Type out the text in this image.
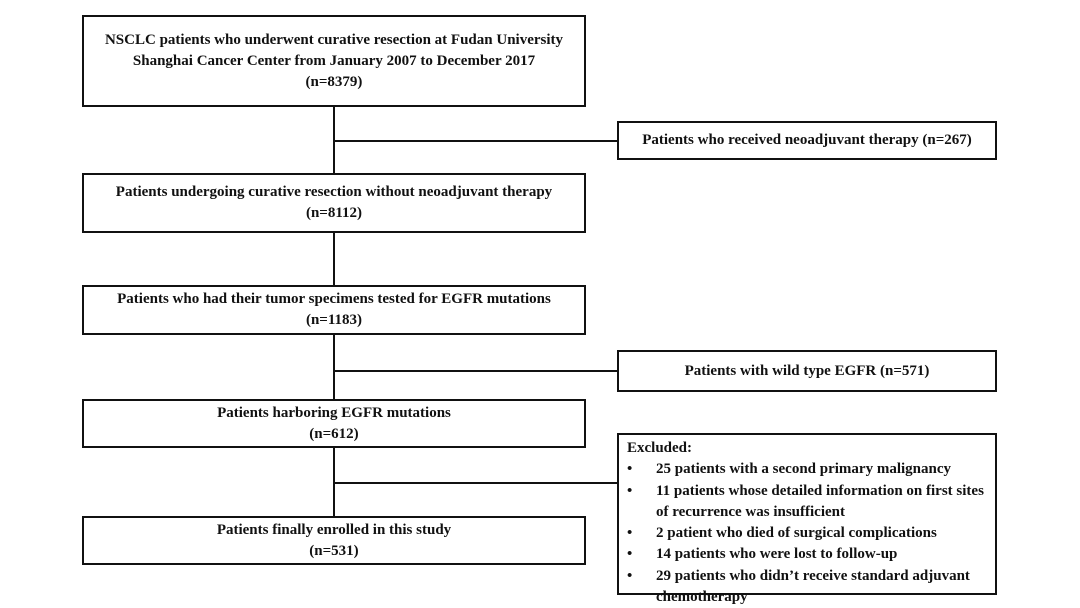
NSCLC patients who underwent curative resection at Fudan University Shanghai Cancer Center from January 2007 to December 2017
(n=8379)
Patients undergoing curative resection without neoadjuvant therapy
(n=8112)
Patients who had their tumor specimens tested for EGFR mutations
(n=1183)
Patients harboring EGFR mutations
(n=612)
Patients finally enrolled in this study
(n=531)
Patients who received neoadjuvant therapy (n=267)
Patients with wild type EGFR (n=571)
Excluded:
•	25 patients with a second primary malignancy
•	11 patients whose detailed information on first sites of recurrence was insufficient
•	2 patient who died of surgical complications
•	14 patients who were lost to follow-up
•	29 patients who didn’t receive standard adjuvant chemotherapy
